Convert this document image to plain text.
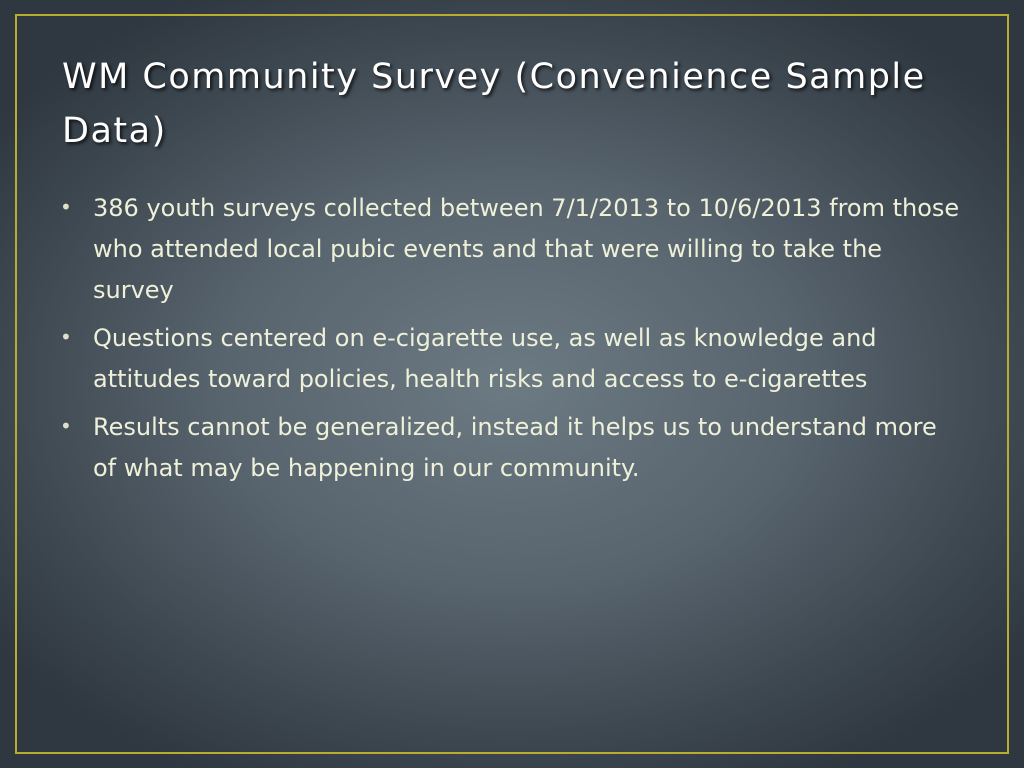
WM Community Survey (Convenience Sample Data)
• 386 youth surveys collected between 7/1/2013 to 10/6/2013 from those who attended local pubic events and that were willing to take the survey
• Questions centered on e-cigarette use, as well as knowledge and attitudes toward policies, health risks and access to e-cigarettes
• Results cannot be generalized, instead it helps us to understand more of what may be happening in our community.
